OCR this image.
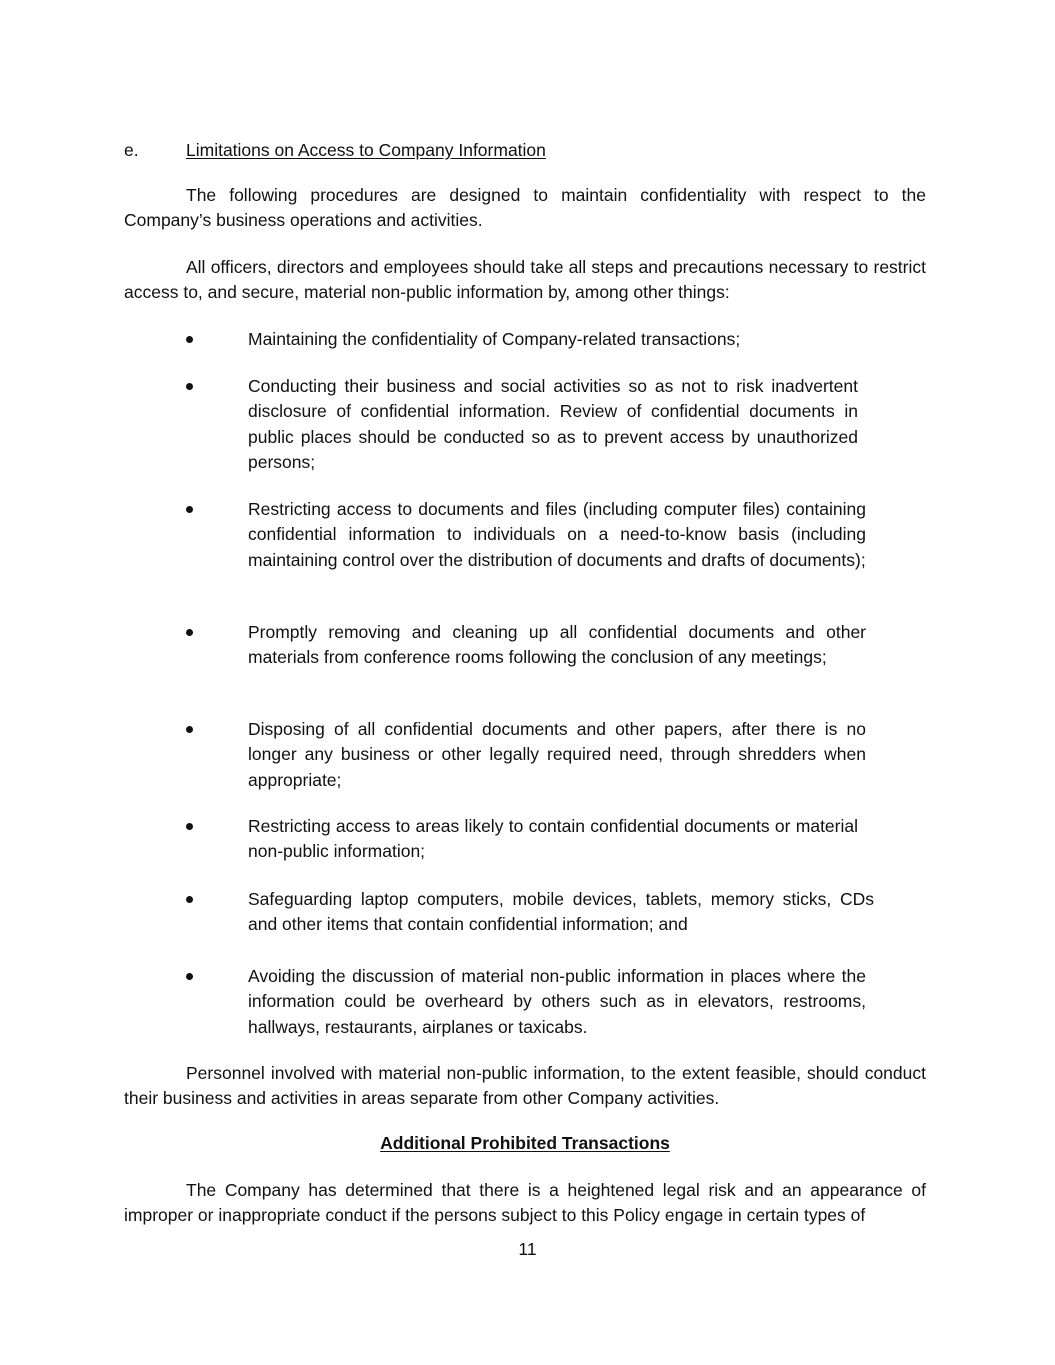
e.	Limitations on Access to Company Information

The following procedures are designed to maintain confidentiality with respect to the Company’s business operations and activities.

All officers, directors and employees should take all steps and precautions necessary to restrict access to, and secure, material non-public information by, among other things:

Maintaining the confidentiality of Company-related transactions;

Conducting their business and social activities so as not to risk inadvertent disclosure of confidential information. Review of confidential documents in public places should be conducted so as to prevent access by unauthorized persons;

Restricting access to documents and files (including computer files) containing confidential information to individuals on a need-to-know basis (including maintaining control over the distribution of documents and drafts of documents);

Promptly removing and cleaning up all confidential documents and other materials from conference rooms following the conclusion of any meetings;

Disposing of all confidential documents and other papers, after there is no longer any business or other legally required need, through shredders when appropriate;

Restricting access to areas likely to contain confidential documents or material non-public information;

Safeguarding laptop computers, mobile devices, tablets, memory sticks, CDs and other items that contain confidential information; and

Avoiding the discussion of material non-public information in places where the information could be overheard by others such as in elevators, restrooms, hallways, restaurants, airplanes or taxicabs.

Personnel involved with material non-public information, to the extent feasible, should conduct their business and activities in areas separate from other Company activities.

Additional Prohibited Transactions

The Company has determined that there is a heightened legal risk and an appearance of improper or inappropriate conduct if the persons subject to this Policy engage in certain types of

11
